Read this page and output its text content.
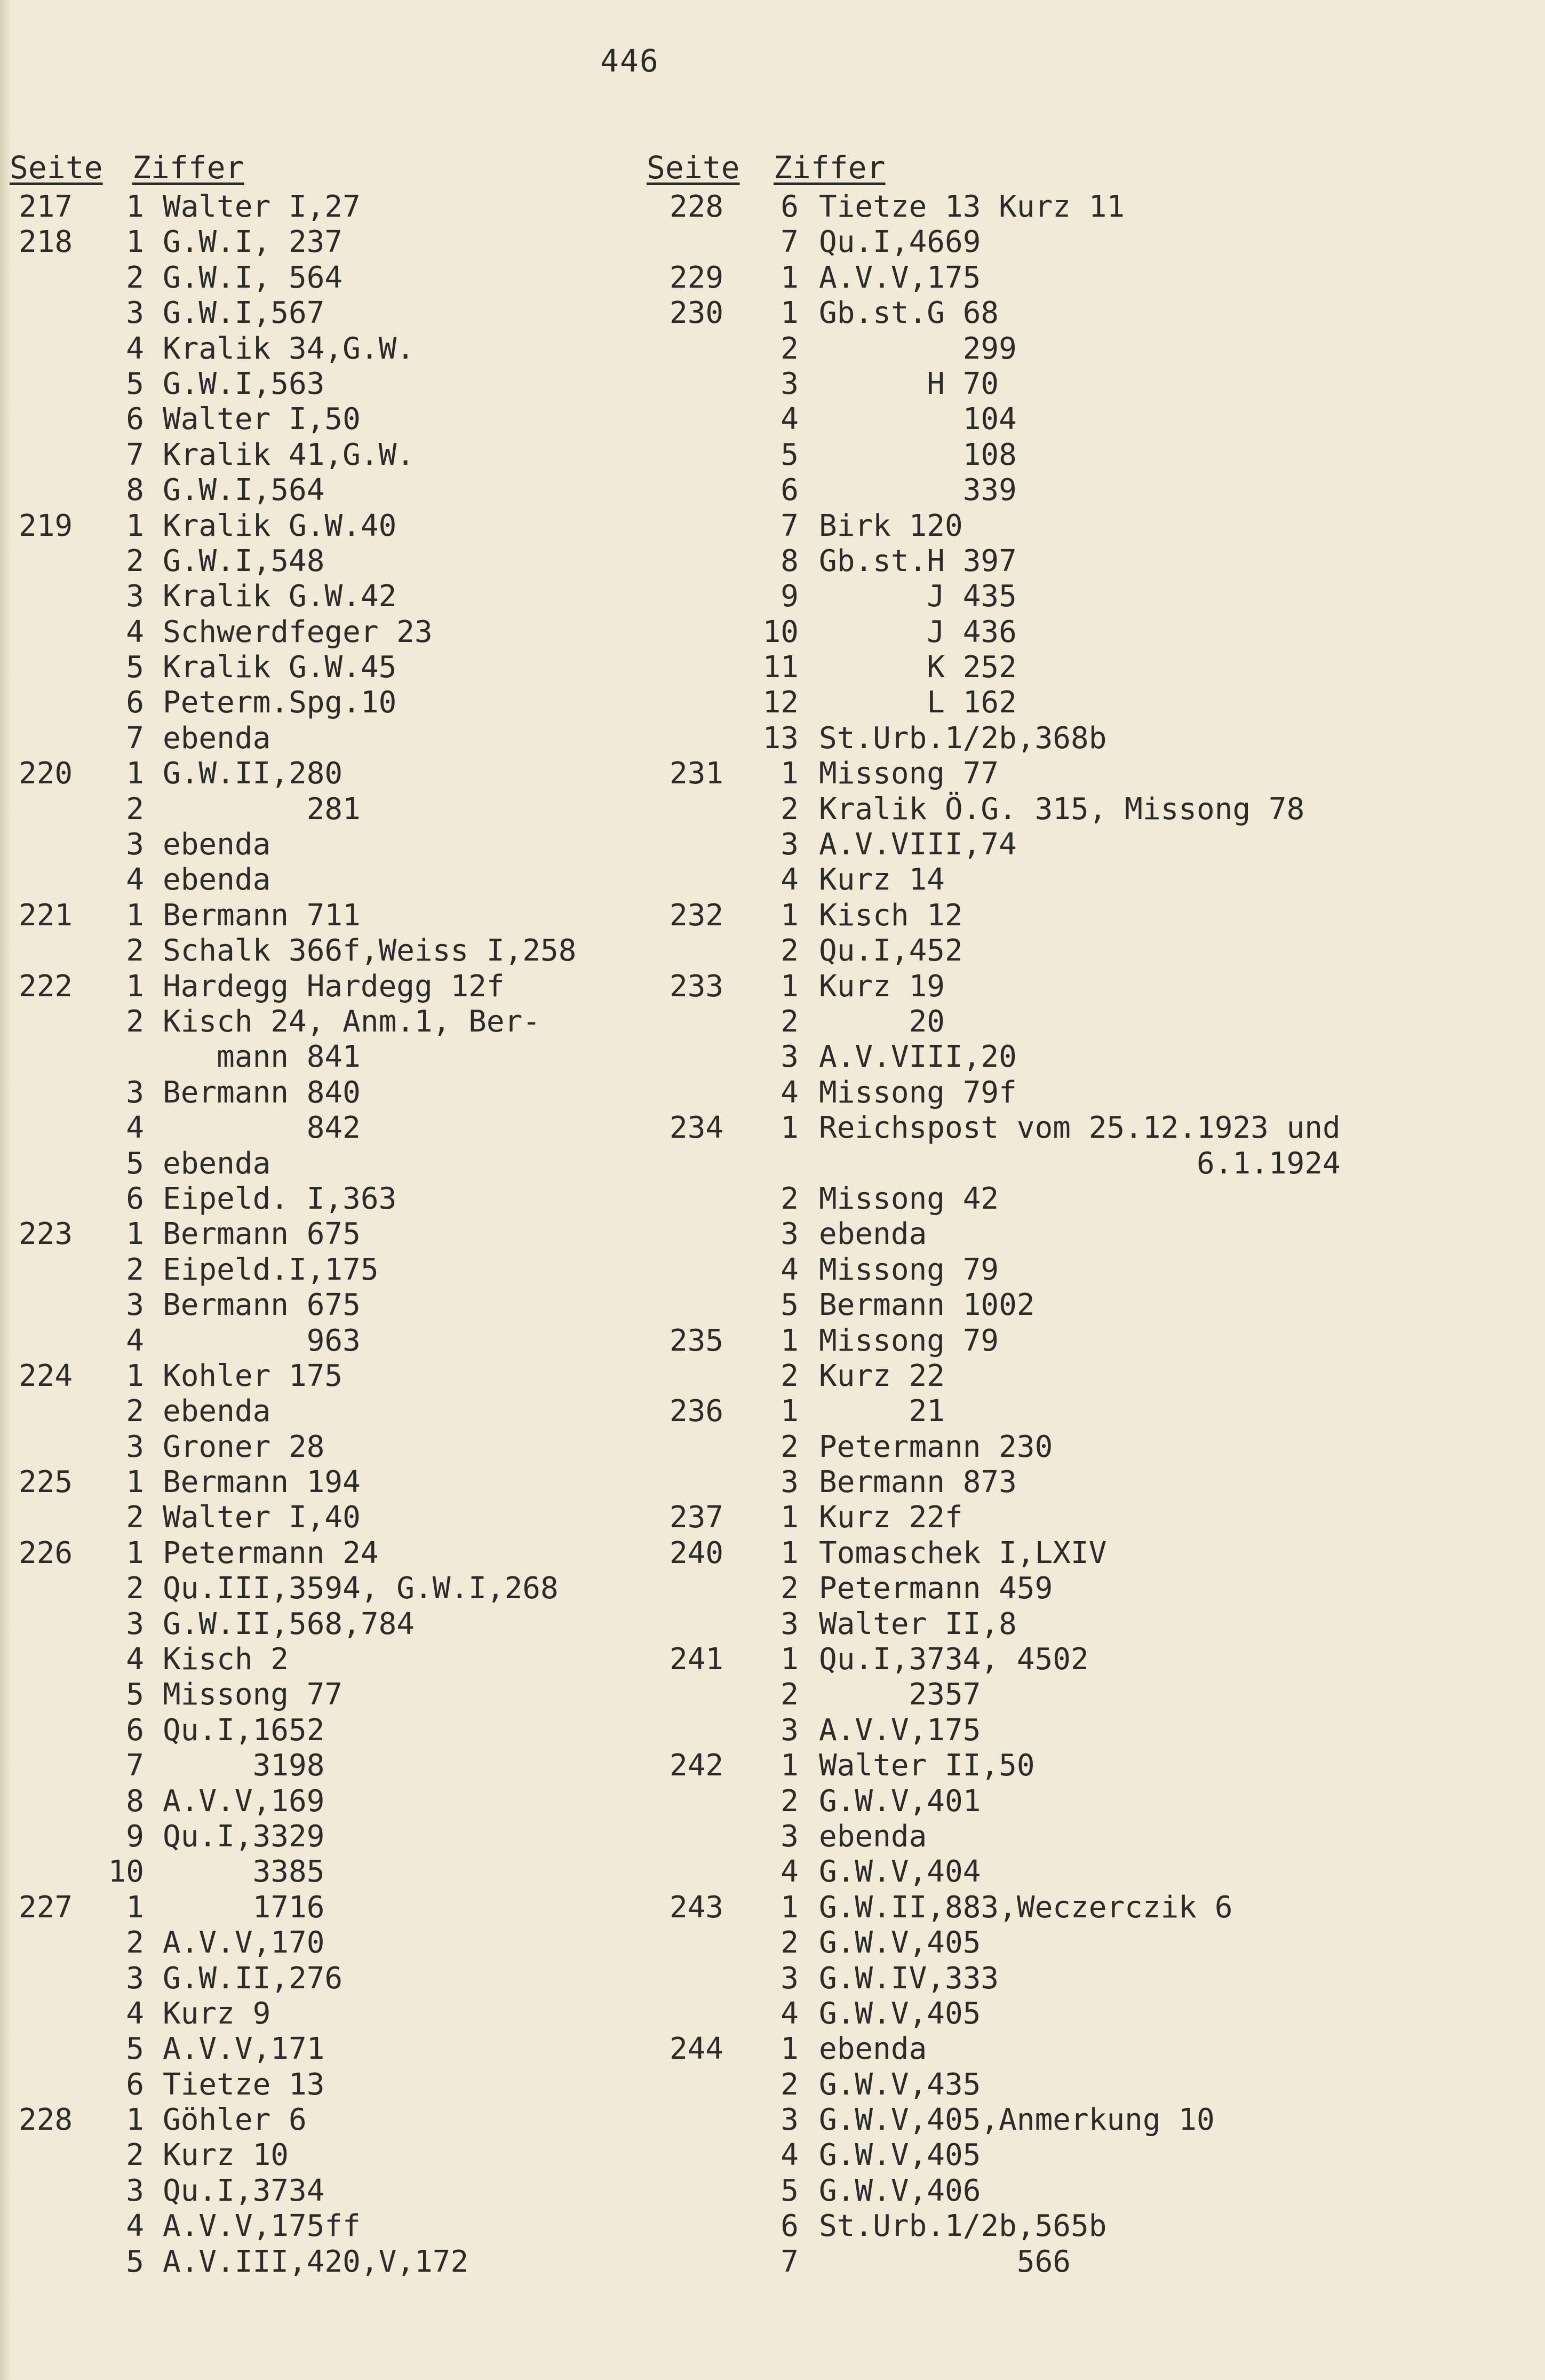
446
Seite Ziffer	Seite Ziffer
217 1 Walter I,27
218 1 G.W.I, 237
2 G.W.I, 564
3 G.W.I,567
4 Kralik 34,G.W.
5 G.W.I,563
6 Walter I,50
7 Kralik 41,G.W.
8 G.W.I,564
219 1 Kralik G.W.40
2 G.W.I,548
3 Kralik G.W.42
4 Schwerdfeger 23
5 Kralik G.W.45
6 Peterm.Spg.10
7 ebenda
220 1 G.W.II,280
2 281
3 ebenda
4 ebenda
221 1 Bermann 711
2 Schalk 366f,Weiss I,258
222 1 Hardegg Hardegg 12f
2 Kisch 24, Anm.1, Ber-
mann 841
3 Bermann 840
4 842
5 ebenda
6 Eipeld. I,363
223 1 Bermann 675
2 Eipeld.I,175
3 Bermann 675
4 963
224 1 Kohler 175
2 ebenda
3 Groner 28
225 1 Bermann 194
2 Walter I,40
226 1 Petermann 24
2 Qu.III,3594, G.W.I,268
3 G.W.II,568,784
4 Kisch 2
5 Missong 77
6 Qu.I,1652
7 3198
8 A.V.V,169
9 Qu.I,3329
10 3385
227 1 1716
2 A.V.V,170
3 G.W.II,276
4 Kurz 9
5 A.V.V,171
6 Tietze 13
228 1 Göhler 6
2 Kurz 10
3 Qu.I,3734
4 A.V.V,175ff
5 A.V.III,420,V,172
228 6 Tietze 13 Kurz 11
7 Qu.I,4669
229 1 A.V.V,175
230 1 Gb.st.G 68
2 299
3 H 70
4 104
5 108
6 339
7 Birk 120
8 Gb.st.H 397
9 J 435
10 J 436
11 K 252
12 L 162
13 St.Urb.1/2b,368b
231 1 Missong 77
2 Kralik Ö.G. 315, Missong 78
3 A.V.VIII,74
4 Kurz 14
232 1 Kisch 12
2 Qu.I,452
233 1 Kurz 19
2 20
3 A.V.VIII,20
4 Missong 79f
234 1 Reichspost vom 25.12.1923 und
6.1.1924
2 Missong 42
3 ebenda
4 Missong 79
5 Bermann 1002
235 1 Missong 79
2 Kurz 22
236 1 21
2 Petermann 230
3 Bermann 873
237 1 Kurz 22f
240 1 Tomaschek I,LXIV
2 Petermann 459
3 Walter II,8
241 1 Qu.I,3734, 4502
2 2357
3 A.V.V,175
242 1 Walter II,50
2 G.W.V,401
3 ebenda
4 G.W.V,404
243 1 G.W.II,883,Weczerczik 6
2 G.W.V,405
3 G.W.IV,333
4 G.W.V,405
244 1 ebenda
2 G.W.V,435
3 G.W.V,405,Anmerkung 10
4 G.W.V,405
5 G.W.V,406
6 St.Urb.1/2b,565b
7 566
